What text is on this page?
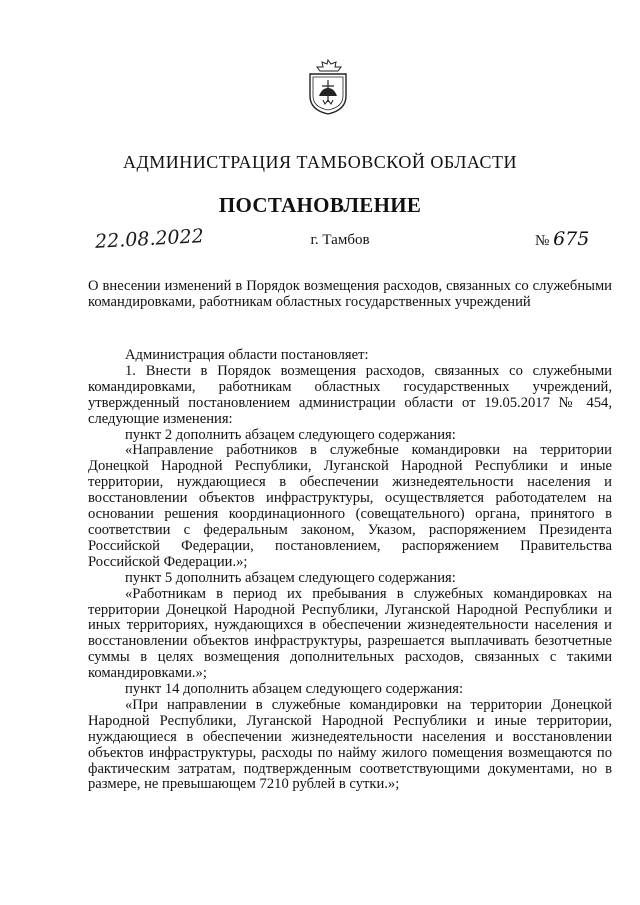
АДМИНИСТРАЦИЯ ТАМБОВСКОЙ ОБЛАСТИ
ПОСТАНОВЛЕНИЕ
22.08.2022	г. Тамбов	№ 675

О внесении изменений в Порядок возмещения расходов, связанных со служебными командировками, работникам областных государственных учреждений

Администрация области постановляет:

1. Внести в Порядок возмещения расходов, связанных со служебными командировками, работникам областных государственных учреждений, утвержденный постановлением администрации области от 19.05.2017 № 454, следующие изменения:

пункт 2 дополнить абзацем следующего содержания:

«Направление работников в служебные командировки на территории Донецкой Народной Республики, Луганской Народной Республики и иные территории, нуждающиеся в обеспечении жизнедеятельности населения и восстановлении объектов инфраструктуры, осуществляется работодателем на основании решения координационного (совещательного) органа, принятого в соответствии с федеральным законом, Указом, распоряжением Президента Российской Федерации, постановлением, распоряжением Правительства Российской Федерации.»;

пункт 5 дополнить абзацем следующего содержания:

«Работникам в период их пребывания в служебных командировках на территории Донецкой Народной Республики, Луганской Народной Республики и иных территориях, нуждающихся в обеспечении жизнедеятельности населения и восстановлении объектов инфраструктуры, разрешается выплачивать безотчетные суммы в целях возмещения дополнительных расходов, связанных с такими командировками.»;

пункт 14 дополнить абзацем следующего содержания:

«При направлении в служебные командировки на территории Донецкой Народной Республики, Луганской Народной Республики и иные территории, нуждающиеся в обеспечении жизнедеятельности населения и восстановлении объектов инфраструктуры, расходы по найму жилого помещения возмещаются по фактическим затратам, подтвержденным соответствующими документами, но в размере, не превышающем 7210 рублей в сутки.»;
